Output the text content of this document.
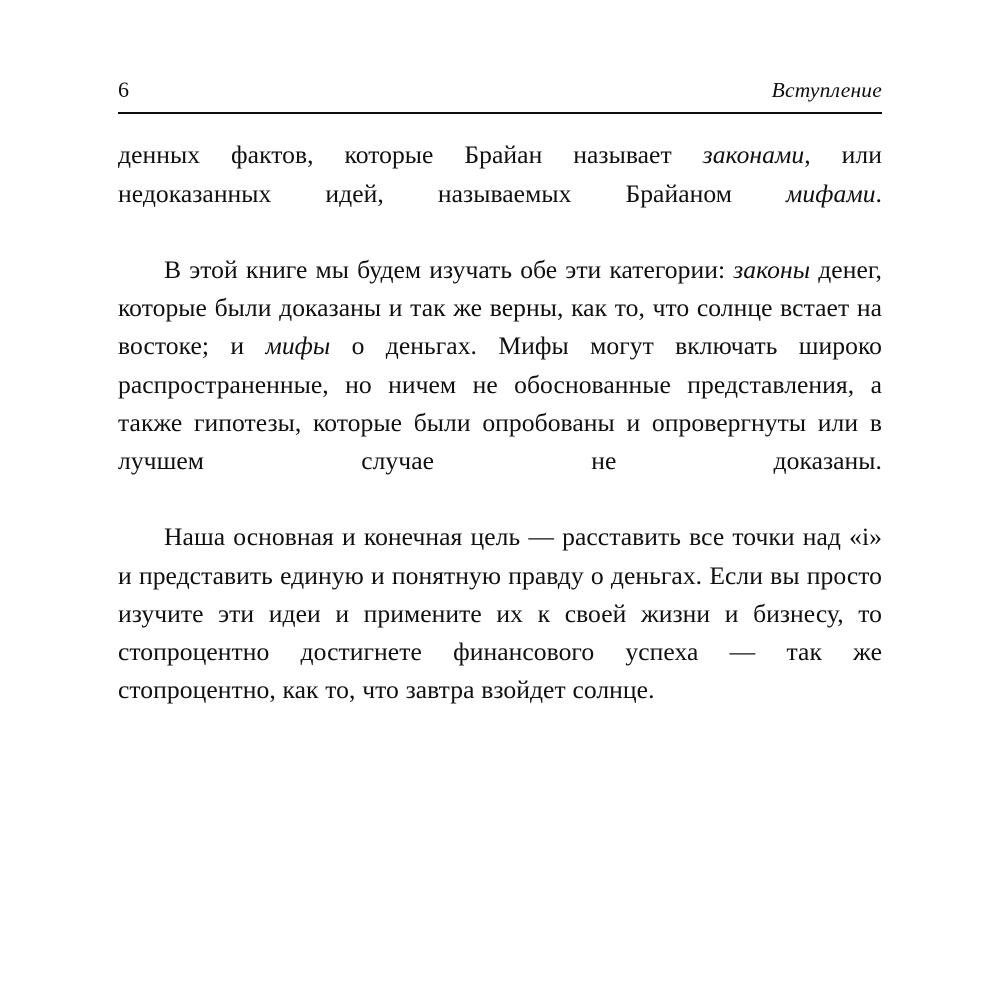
6	Вступление

денных фактов, которые Брайан называет законами, или недоказанных идей, называемых Брайаном мифами.

В этой книге мы будем изучать обе эти категории: законы денег, которые были доказаны и так же верны, как то, что солнце встает на востоке; и мифы о деньгах. Мифы могут включать широко распространенные, но ничем не обоснованные представления, а также гипотезы, которые были опробованы и опровергнуты или в лучшем случае не доказаны.

Наша основная и конечная цель — расставить все точки над «i» и представить единую и понятную правду о деньгах. Если вы просто изучите эти идеи и примените их к своей жизни и бизнесу, то стопроцентно достигнете финансового успеха — так же стопроцентно, как то, что завтра взойдет солнце.
